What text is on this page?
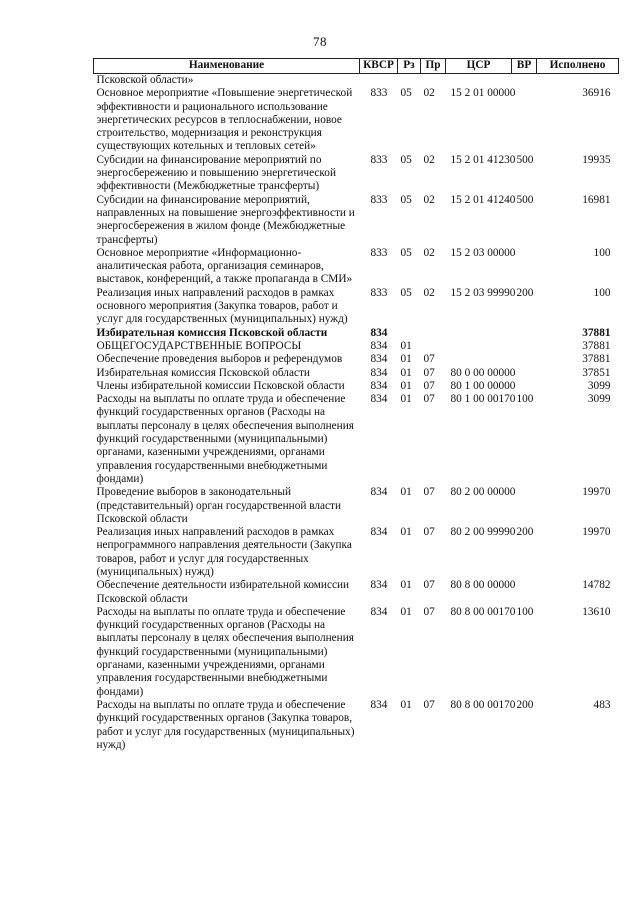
78
Наименование	КВСР	Рз	Пр	ЦСР	ВР	Исполнено
Псковской области»						
Основное мероприятие «Повышение энергетической эффективности и рационального использование энергетических ресурсов в теплоснабжении, новое строительство, модернизация и реконструкция существующих котельных и тепловых сетей»	833	05	02	15 2 01 00000		36916
Субсидии на финансирование мероприятий по энергосбережению и повышению энергетической эффективности (Межбюджетные трансферты)	833	05	02	15 2 01 41230	500	19935
Субсидии на финансирование мероприятий, направленных на повышение энергоэффективности и энергосбережения в жилом фонде (Межбюджетные трансферты)	833	05	02	15 2 01 41240	500	16981
Основное мероприятие «Информационно-аналитическая работа, организация семинаров, выставок, конференций, а также пропаганда в СМИ»	833	05	02	15 2 03 00000		100
Реализация иных направлений расходов в рамках основного мероприятия (Закупка товаров, работ и услуг для государственных (муниципальных) нужд)	833	05	02	15 2 03 99990	200	100
Избирательная комиссия Псковской области	834					37881
ОБЩЕГОСУДАРСТВЕННЫЕ ВОПРОСЫ	834	01				37881
Обеспечение проведения выборов и референдумов	834	01	07			37881
Избирательная комиссия Псковской области	834	01	07	80 0 00 00000		37851
Члены избирательной комиссии Псковской области	834	01	07	80 1 00 00000		3099
Расходы на выплаты по оплате труда и обеспечение функций государственных органов (Расходы на выплаты персоналу в целях обеспечения выполнения функций государственными (муниципальными) органами, казенными учреждениями, органами управления государственными внебюджетными фондами)	834	01	07	80 1 00 00170	100	3099
Проведение выборов в законодательный (представительный) орган государственной власти Псковской области	834	01	07	80 2 00 00000		19970
Реализация иных направлений расходов в рамках непрограммного направления деятельности (Закупка товаров, работ и услуг для государственных (муниципальных) нужд)	834	01	07	80 2 00 99990	200	19970
Обеспечение деятельности избирательной комиссии Псковской области	834	01	07	80 8 00 00000		14782
Расходы на выплаты по оплате труда и обеспечение функций государственных органов (Расходы на выплаты персоналу в целях обеспечения выполнения функций государственными (муниципальными) органами, казенными учреждениями, органами управления государственными внебюджетными фондами)	834	01	07	80 8 00 00170	100	13610
Расходы на выплаты по оплате труда и обеспечение функций государственных органов (Закупка товаров, работ и услуг для государственных (муниципальных) нужд)	834	01	07	80 8 00 00170	200	483
